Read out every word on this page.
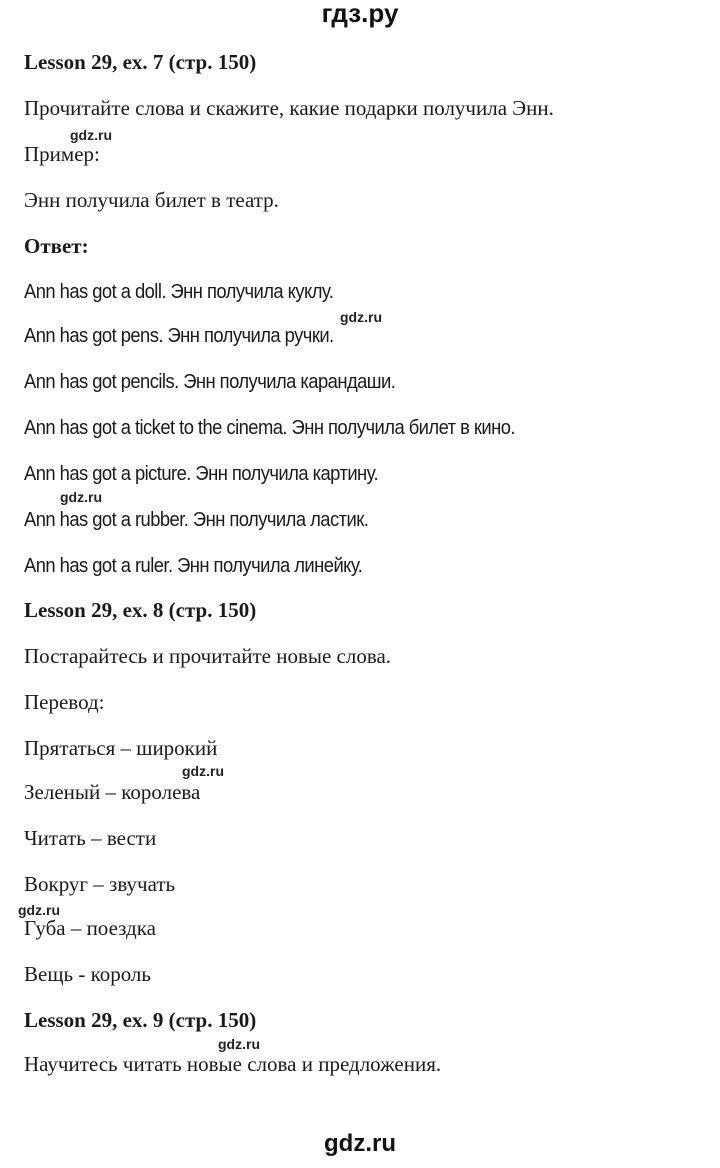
гдз.ру
Lesson 29, ex. 7 (стр. 150)
Прочитайте слова и скажите, какие подарки получила Энн.
gdz.ru
Пример:
Энн получила билет в театр.
Ответ:
Ann has got a doll. Энн получила куклу.
gdz.ru
Ann has got pens. Энн получила ручки.
Ann has got pencils. Энн получила карандаши.
Ann has got a ticket to the cinema. Энн получила билет в кино.
Ann has got a picture. Энн получила картину.
gdz.ru
Ann has got a rubber. Энн получила ластик.
Ann has got a ruler. Энн получила линейку.
Lesson 29, ex. 8 (стр. 150)
Постарайтесь и прочитайте новые слова.
Перевод:
Прятаться – широкий
gdz.ru
Зеленый – королева
Читать – вести
Вокруг – звучать
gdz.ru
Губа – поездка
Вещь - король
Lesson 29, ex. 9 (стр. 150)
gdz.ru
Научитесь читать новые слова и предложения.
gdz.ru
